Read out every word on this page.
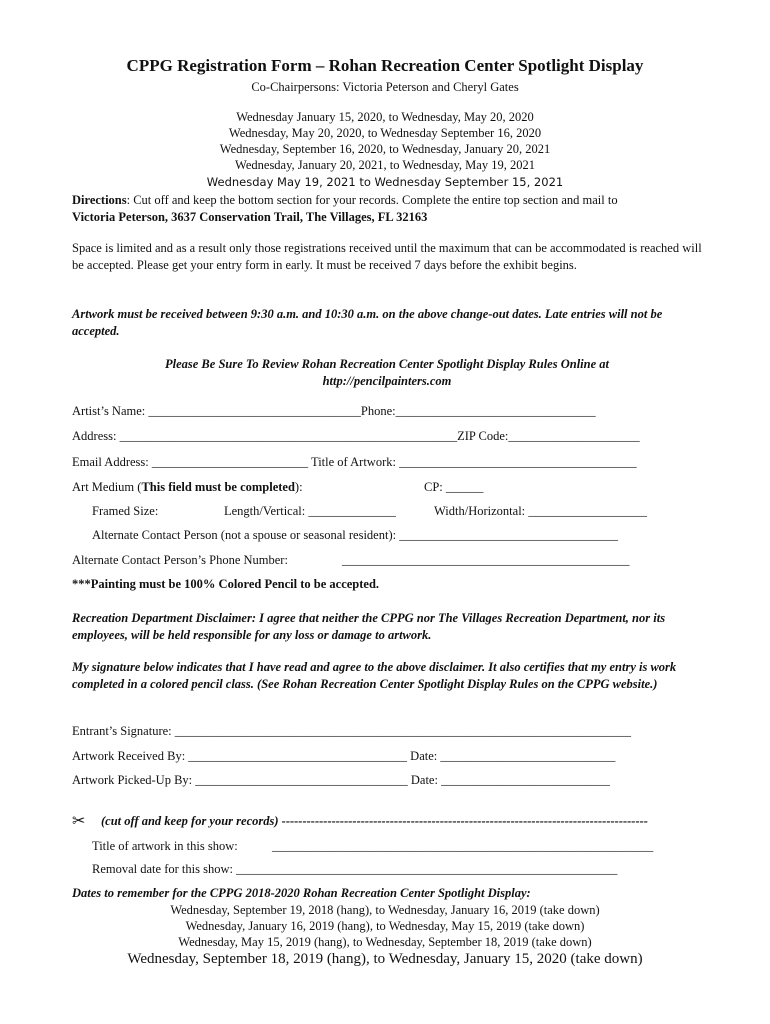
CPPG Registration Form – Rohan Recreation Center Spotlight Display
Co-Chairpersons: Victoria Peterson and Cheryl Gates
Wednesday January 15, 2020, to Wednesday, May 20, 2020
Wednesday, May 20, 2020, to Wednesday September 16, 2020
Wednesday, September 16, 2020, to Wednesday, January 20, 2021
Wednesday, January 20, 2021, to Wednesday, May 19, 2021
Wednesday May 19, 2021 to Wednesday September 15, 2021
Directions: Cut off and keep the bottom section for your records. Complete the entire top section and mail to
Victoria Peterson, 3637 Conservation Trail, The Villages, FL 32163
Space is limited and as a result only those registrations received until the maximum that can be accommodated is reached will be accepted. Please get your entry form in early. It must be received 7 days before the exhibit begins.
Artwork must be received between 9:30 a.m. and 10:30 a.m. on the above change-out dates. Late entries will not be accepted.
Please Be Sure To Review Rohan Recreation Center Spotlight Display Rules Online at
http://pencilpainters.com
Artist’s Name: __________________________________Phone:________________________________
Address: ______________________________________________________ZIP Code:_____________________
Email Address: _________________________ Title of Artwork: ______________________________________
Art Medium (This field must be completed):	CP: ______
Framed Size:	Length/Vertical: ______________	Width/Horizontal: ___________________
Alternate Contact Person (not a spouse or seasonal resident): ___________________________________
Alternate Contact Person’s Phone Number:	______________________________________________
***Painting must be 100% Colored Pencil to be accepted.
Recreation Department Disclaimer: I agree that neither the CPPG nor The Villages Recreation Department, nor its employees, will be held responsible for any loss or damage to artwork.
My signature below indicates that I have read and agree to the above disclaimer. It also certifies that my entry is work completed in a colored pencil class. (See Rohan Recreation Center Spotlight Display Rules on the CPPG website.)
Entrant’s Signature: _________________________________________________________________________
Artwork Received By: ___________________________________ Date: ____________________________
Artwork Picked-Up By: __________________________________ Date: ___________________________
✂ (cut off and keep for your records) ----------------------------------------------------------------------------------------
Title of artwork in this show:	_____________________________________________________________
Removal date for this show: _____________________________________________________________
Dates to remember for the CPPG 2018-2020 Rohan Recreation Center Spotlight Display:
Wednesday, September 19, 2018 (hang), to Wednesday, January 16, 2019 (take down)
Wednesday, January 16, 2019 (hang), to Wednesday, May 15, 2019 (take down)
Wednesday, May 15, 2019 (hang), to Wednesday, September 18, 2019 (take down)
Wednesday, September 18, 2019 (hang), to Wednesday, January 15, 2020 (take down)
